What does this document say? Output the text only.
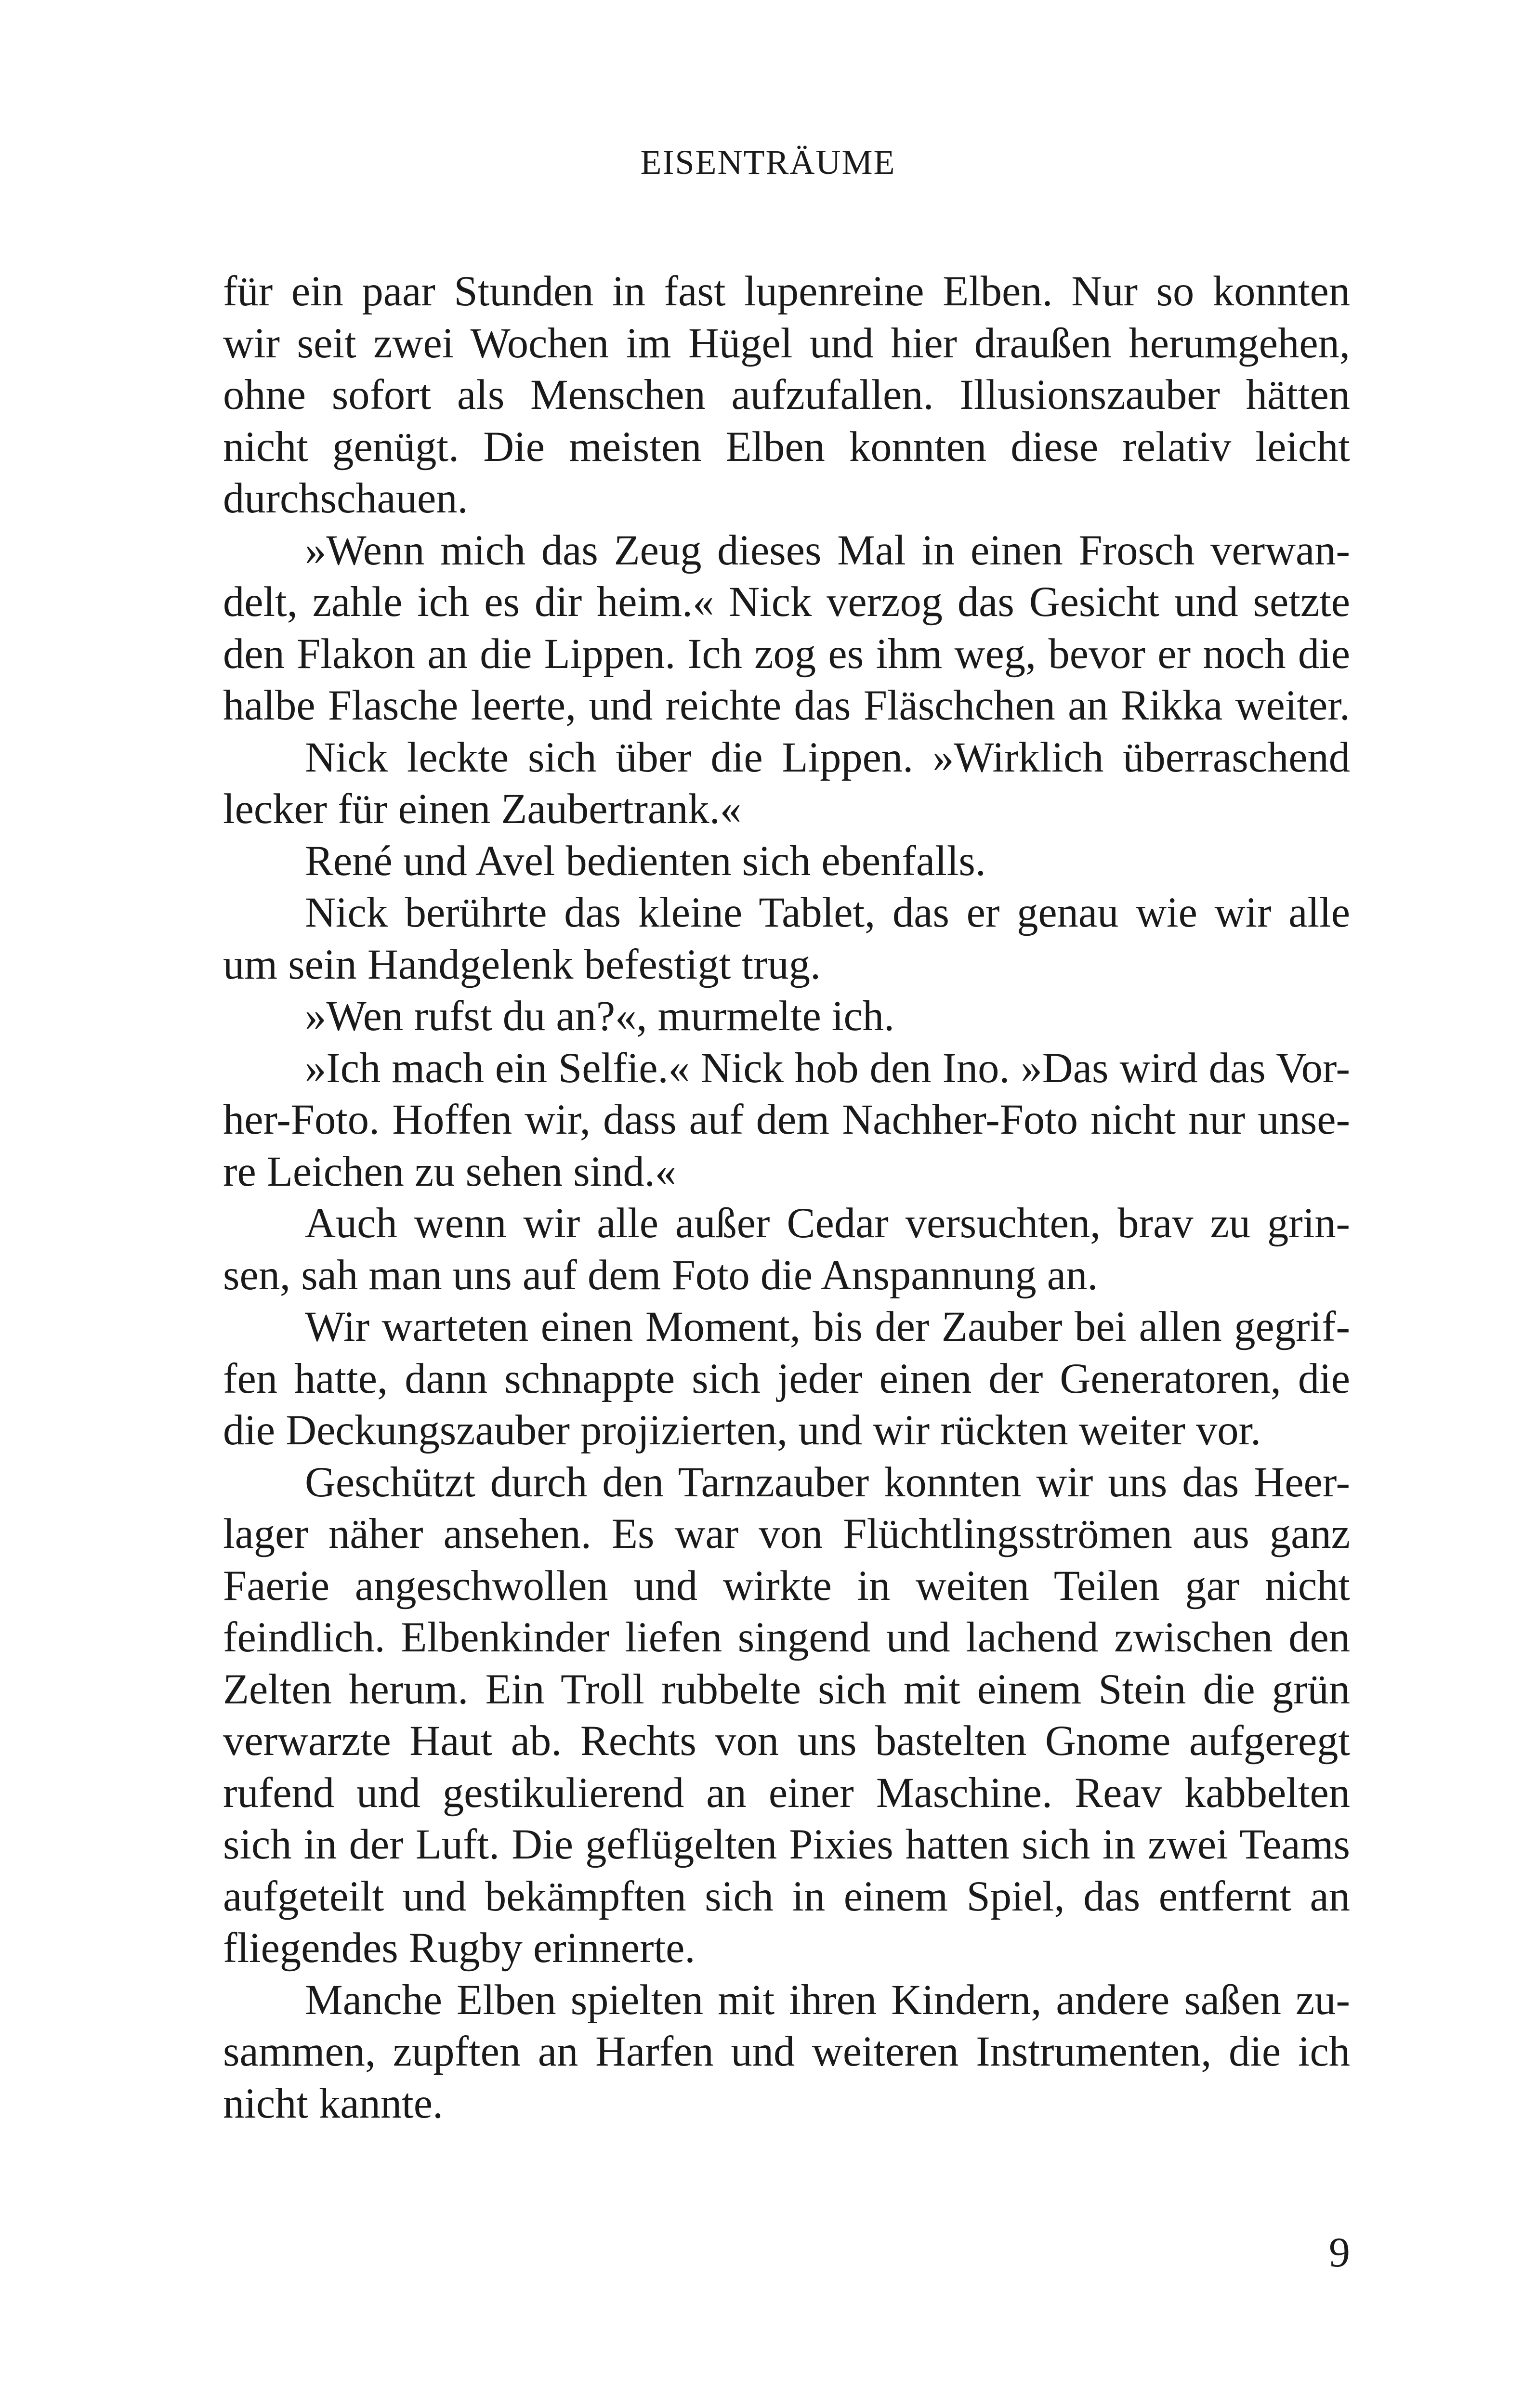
EISENTRÄUME
für ein paar Stunden in fast lupenreine Elben. Nur so konnten
wir seit zwei Wochen im Hügel und hier draußen herumgehen,
ohne sofort als Menschen aufzufallen. Illusionszauber hätten
nicht genügt. Die meisten Elben konnten diese relativ leicht
durchschauen.
»Wenn mich das Zeug dieses Mal in einen Frosch verwan-
delt, zahle ich es dir heim.« Nick verzog das Gesicht und setzte
den Flakon an die Lippen. Ich zog es ihm weg, bevor er noch die
halbe Flasche leerte, und reichte das Fläschchen an Rikka weiter.
Nick leckte sich über die Lippen. »Wirklich überraschend
lecker für einen Zaubertrank.«
René und Avel bedienten sich ebenfalls.
Nick berührte das kleine Tablet, das er genau wie wir alle
um sein Handgelenk befestigt trug.
»Wen rufst du an?«, murmelte ich.
»Ich mach ein Selfie.« Nick hob den Ino. »Das wird das Vor-
her-Foto. Hoffen wir, dass auf dem Nachher-Foto nicht nur unse-
re Leichen zu sehen sind.«
Auch wenn wir alle außer Cedar versuchten, brav zu grin-
sen, sah man uns auf dem Foto die Anspannung an.
Wir warteten einen Moment, bis der Zauber bei allen gegrif-
fen hatte, dann schnappte sich jeder einen der Generatoren, die
die Deckungszauber projizierten, und wir rückten weiter vor.
Geschützt durch den Tarnzauber konnten wir uns das Heer-
lager näher ansehen. Es war von Flüchtlingsströmen aus ganz
Faerie angeschwollen und wirkte in weiten Teilen gar nicht
feindlich. Elbenkinder liefen singend und lachend zwischen den
Zelten herum. Ein Troll rubbelte sich mit einem Stein die grün
verwarzte Haut ab. Rechts von uns bastelten Gnome aufgeregt
rufend und gestikulierend an einer Maschine. Reav kabbelten
sich in der Luft. Die geflügelten Pixies hatten sich in zwei Teams
aufgeteilt und bekämpften sich in einem Spiel, das entfernt an
fliegendes Rugby erinnerte.
Manche Elben spielten mit ihren Kindern, andere saßen zu-
sammen, zupften an Harfen und weiteren Instrumenten, die ich
nicht kannte.
9
